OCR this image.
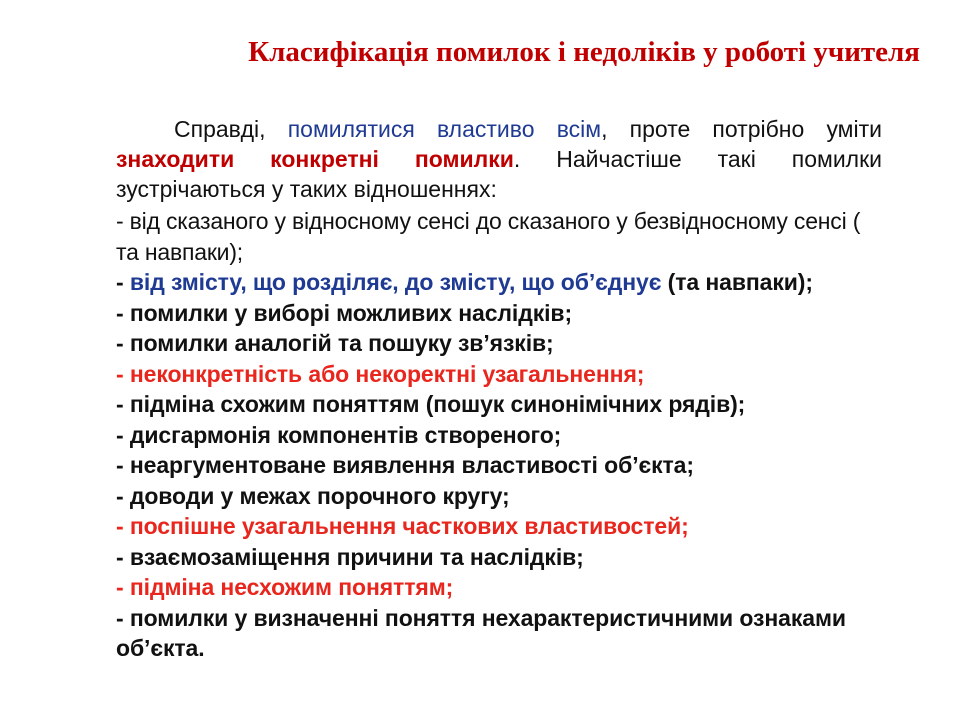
Класифікація помилок і недоліків у роботі учителя

Справді, помилятися властиво всім, проте потрібно уміти знаходити конкретні помилки. Найчастіше такі помилки зустрічаються у таких відношеннях:

- від сказаного у відносному сенсі до сказаного у безвідносному сенсі ( та навпаки);
- від змісту, що розділяє, до змісту, що об’єднує (та навпаки);
- помилки у виборі можливих наслідків;
- помилки аналогій та пошуку зв’язків;
- неконкретність або некоректні узагальнення;
- підміна схожим поняттям (пошук синонімічних рядів);
- дисгармонія компонентів створеного;
- неаргументоване виявлення властивості об’єкта;
- доводи у межах порочного кругу;
- поспішне узагальнення часткових властивостей;
- взаємозаміщення причини та наслідків;
- підміна несхожим поняттям;
- помилки у визначенні поняття нехарактеристичними ознаками об’єкта.
